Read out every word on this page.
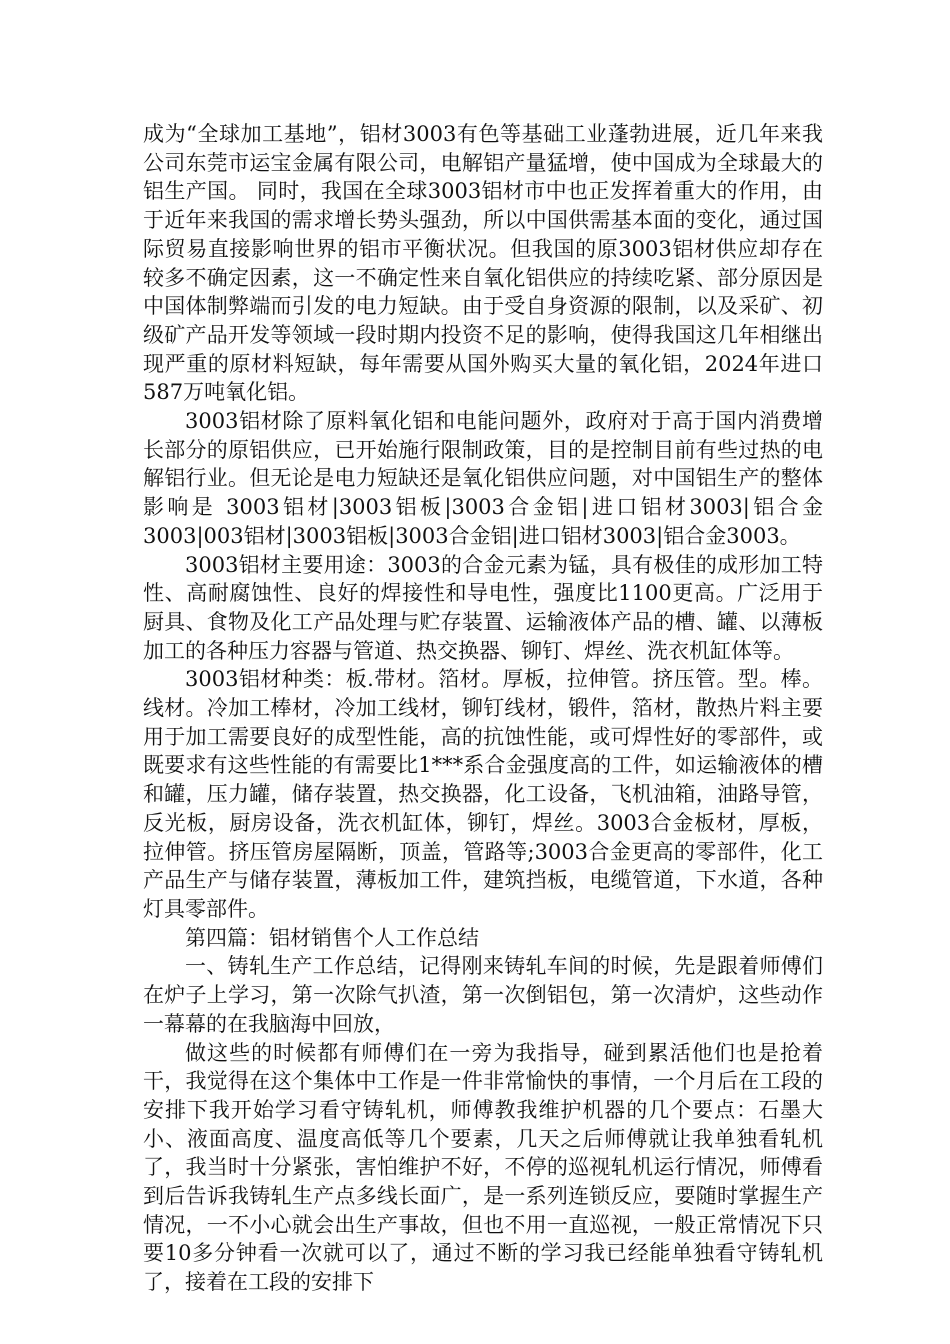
成为“全球加工基地”，铝材3003有色等基础工业蓬勃进展，近几年来我公司东莞市运宝金属有限公司，电解铝产量猛增，使中国成为全球最大的铝生产国。 同时，我国在全球3003铝材市中也正发挥着重大的作用，由于近年来我国的需求增长势头强劲，所以中国供需基本面的变化，通过国际贸易直接影响世界的铝市平衡状况。但我国的原3003铝材供应却存在较多不确定因素，这一不确定性来自氧化铝供应的持续吃紧、部分原因是中国体制弊端而引发的电力短缺。由于受自身资源的限制，以及采矿、初级矿产品开发等领域一段时期内投资不足的影响，使得我国这几年相继出现严重的原材料短缺，每年需要从国外购买大量的氧化铝，2024年进口587万吨氧化铝。

3003铝材除了原料氧化铝和电能问题外，政府对于高于国内消费增长部分的原铝供应，已开始施行限制政策，目的是控制目前有些过热的电解铝行业。但无论是电力短缺还是氧化铝供应问题，对中国铝生产的整体影响是 3003铝材|3003铝板|3003合金铝|进口铝材3003|铝合金3003|003铝材|3003铝板|3003合金铝|进口铝材3003|铝合金3003。

3003铝材主要用途：3003的合金元素为锰，具有极佳的成形加工特性、高耐腐蚀性、良好的焊接性和导电性，强度比1100更高。广泛用于厨具、食物及化工产品处理与贮存装置、运输液体产品的槽、罐、以薄板加工的各种压力容器与管道、热交换器、铆钉、焊丝、洗衣机缸体等。

3003铝材种类：板.带材。箔材。厚板，拉伸管。挤压管。型。棒。线材。冷加工棒材，冷加工线材，铆钉线材，锻件，箔材，散热片料主要用于加工需要良好的成型性能，高的抗蚀性能，或可焊性好的零部件，或既要求有这些性能的有需要比1***系合金强度高的工件，如运输液体的槽和罐，压力罐，储存装置，热交换器，化工设备，飞机油箱，油路导管，反光板，厨房设备，洗衣机缸体，铆钉，焊丝。3003合金板材，厚板，拉伸管。挤压管房屋隔断，顶盖，管路等;3003合金更高的零部件，化工产品生产与储存装置，薄板加工件，建筑挡板，电缆管道，下水道，各种灯具零部件。

第四篇：铝材销售个人工作总结

一、铸轧生产工作总结，记得刚来铸轧车间的时候，先是跟着师傅们在炉子上学习，第一次除气扒渣，第一次倒铝包，第一次清炉，这些动作一幕幕的在我脑海中回放，

做这些的时候都有师傅们在一旁为我指导，碰到累活他们也是抢着干，我觉得在这个集体中工作是一件非常愉快的事情，一个月后在工段的安排下我开始学习看守铸轧机，师傅教我维护机器的几个要点：石墨大小、液面高度、温度高低等几个要素，几天之后师傅就让我单独看轧机了，我当时十分紧张，害怕维护不好，不停的巡视轧机运行情况，师傅看到后告诉我铸轧生产点多线长面广，是一系列连锁反应，要随时掌握生产情况，一不小心就会出生产事故，但也不用一直巡视，一般正常情况下只要10多分钟看一次就可以了，通过不断的学习我已经能单独看守铸轧机了，接着在工段的安排下
